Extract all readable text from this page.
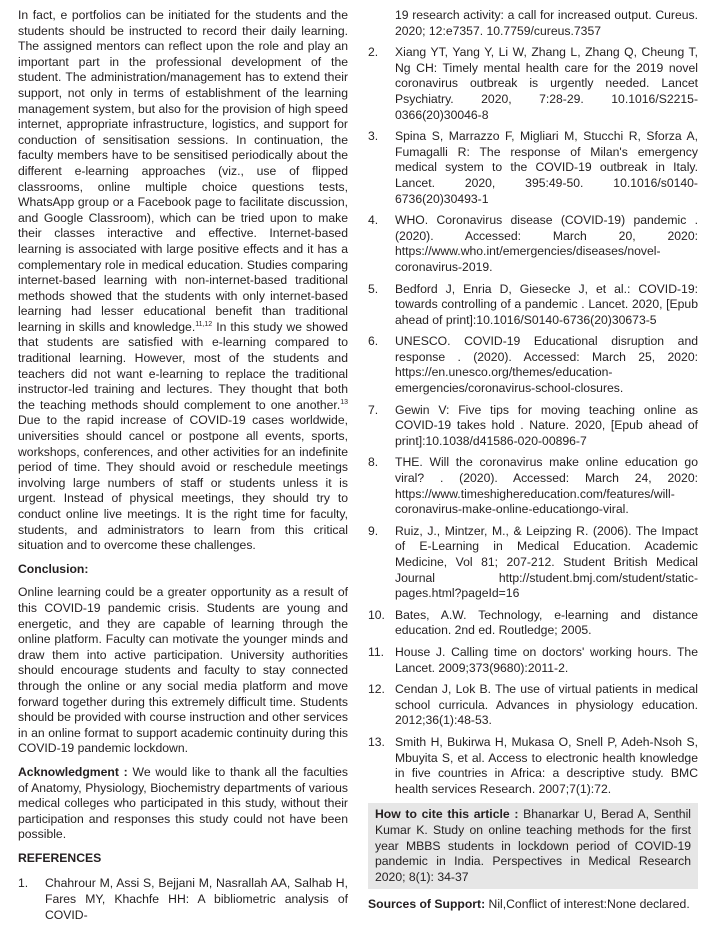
In fact, e portfolios can be initiated for the students and the students should be instructed to record their daily learning. The assigned mentors can reflect upon the role and play an important part in the professional development of the student. The administration/management has to extend their support, not only in terms of establishment of the learning management system, but also for the provision of high speed internet, appropriate infrastructure, logistics, and support for conduction of sensitisation sessions. In continuation, the faculty members have to be sensitised periodically about the different e-learning approaches (viz., use of flipped classrooms, online multiple choice questions tests, WhatsApp group or a Facebook page to facilitate discussion, and Google Classroom), which can be tried upon to make their classes interactive and effective. Internet-based learning is associated with large positive effects and it has a complementary role in medical education. Studies comparing internet-based learning with non-internet-based traditional methods showed that the students with only internet-based learning had lesser educational benefit than traditional learning in skills and knowledge.$^{11,12}$ In this study we showed that students are satisfied with e-learning compared to traditional learning. However, most of the students and teachers did not want e-learning to replace the traditional instructor-led training and lectures. They thought that both the teaching methods should complement to one another.$^{13}$ Due to the rapid increase of COVID-19 cases worldwide, universities should cancel or postpone all events, sports, workshops, conferences, and other activities for an indefinite period of time. They should avoid or reschedule meetings involving large numbers of staff or students unless it is urgent. Instead of physical meetings, they should try to conduct online live meetings. It is the right time for faculty, students, and administrators to learn from this critical situation and to overcome these challenges.

Conclusion:

Online learning could be a greater opportunity as a result of this COVID-19 pandemic crisis. Students are young and energetic, and they are capable of learning through the online platform. Faculty can motivate the younger minds and draw them into active participation. University authorities should encourage students and faculty to stay connected through the online or any social media platform and move forward together during this extremely difficult time. Students should be provided with course instruction and other services in an online format to support academic continuity during this COVID-19 pandemic lockdown.

Acknowledgment : We would like to thank all the faculties of Anatomy, Physiology, Biochemistry departments of various medical colleges who participated in this study, without their participation and responses this study could not have been possible.

REFERENCES

1.	Chahrour M, Assi S, Bejjani M, Nasrallah AA, Salhab H, Fares MY, Khachfe HH: A bibliometric analysis of COVID-
19 research activity: a call for increased output. Cureus. 2020; 12:e7357. 10.7759/cureus.7357
2.	Xiang YT, Yang Y, Li W, Zhang L, Zhang Q, Cheung T, Ng CH: Timely mental health care for the 2019 novel coronavirus outbreak is urgently needed. Lancet Psychiatry. 2020, 7:28-29. 10.1016/S2215-0366(20)30046-8
3.	Spina S, Marrazzo F, Migliari M, Stucchi R, Sforza A, Fumagalli R: The response of Milan's emergency medical system to the COVID-19 outbreak in Italy. Lancet. 2020, 395:49-50. 10.1016/s0140-6736(20)30493-1
4.	WHO. Coronavirus disease (COVID-19) pandemic . (2020). Accessed: March 20, 2020: https://www.who.int/emergencies/diseases/novel-coronavirus-2019.
5.	Bedford J, Enria D, Giesecke J, et al.: COVID-19: towards controlling of a pandemic . Lancet. 2020, [Epub ahead of print]:10.1016/S0140-6736(20)30673-5
6.	UNESCO. COVID-19 Educational disruption and response . (2020). Accessed: March 25, 2020: https://en.unesco.org/themes/education-emergencies/coronavirus-school-closures.
7.	Gewin V: Five tips for moving teaching online as COVID-19 takes hold . Nature. 2020, [Epub ahead of print]:10.1038/d41586-020-00896-7
8.	THE. Will the coronavirus make online education go viral? . (2020). Accessed: March 24, 2020: https://www.timeshighereducation.com/features/will-coronavirus-make-online-educationgo-viral.
9.	Ruiz, J., Mintzer, M., & Leipzing R. (2006). The Impact of E-Learning in Medical Education. Academic Medicine, Vol 81; 207-212. Student British Medical Journal http://student.bmj.com/student/static-pages.html?pageId=16
10. Bates, A.W. Technology, e-learning and distance education. 2nd ed. Routledge; 2005.
11. House J. Calling time on doctors' working hours. The Lancet. 2009;373(9680):2011-2.
12. Cendan J, Lok B. The use of virtual patients in medical school curricula. Advances in physiology education. 2012;36(1):48-53.
13. Smith H, Bukirwa H, Mukasa O, Snell P, Adeh-Nsoh S, Mbuyita S, et al. Access to electronic health knowledge in five countries in Africa: a descriptive study. BMC health services Research. 2007;7(1):72.

How to cite this article : Bhanarkar U, Berad A, Senthil Kumar K. Study on online teaching methods for the first year MBBS students in lockdown period of COVID-19 pandemic in India. Perspectives in Medical Research 2020; 8(1): 34-37

Sources of Support: Nil,Conflict of interest:None declared.
